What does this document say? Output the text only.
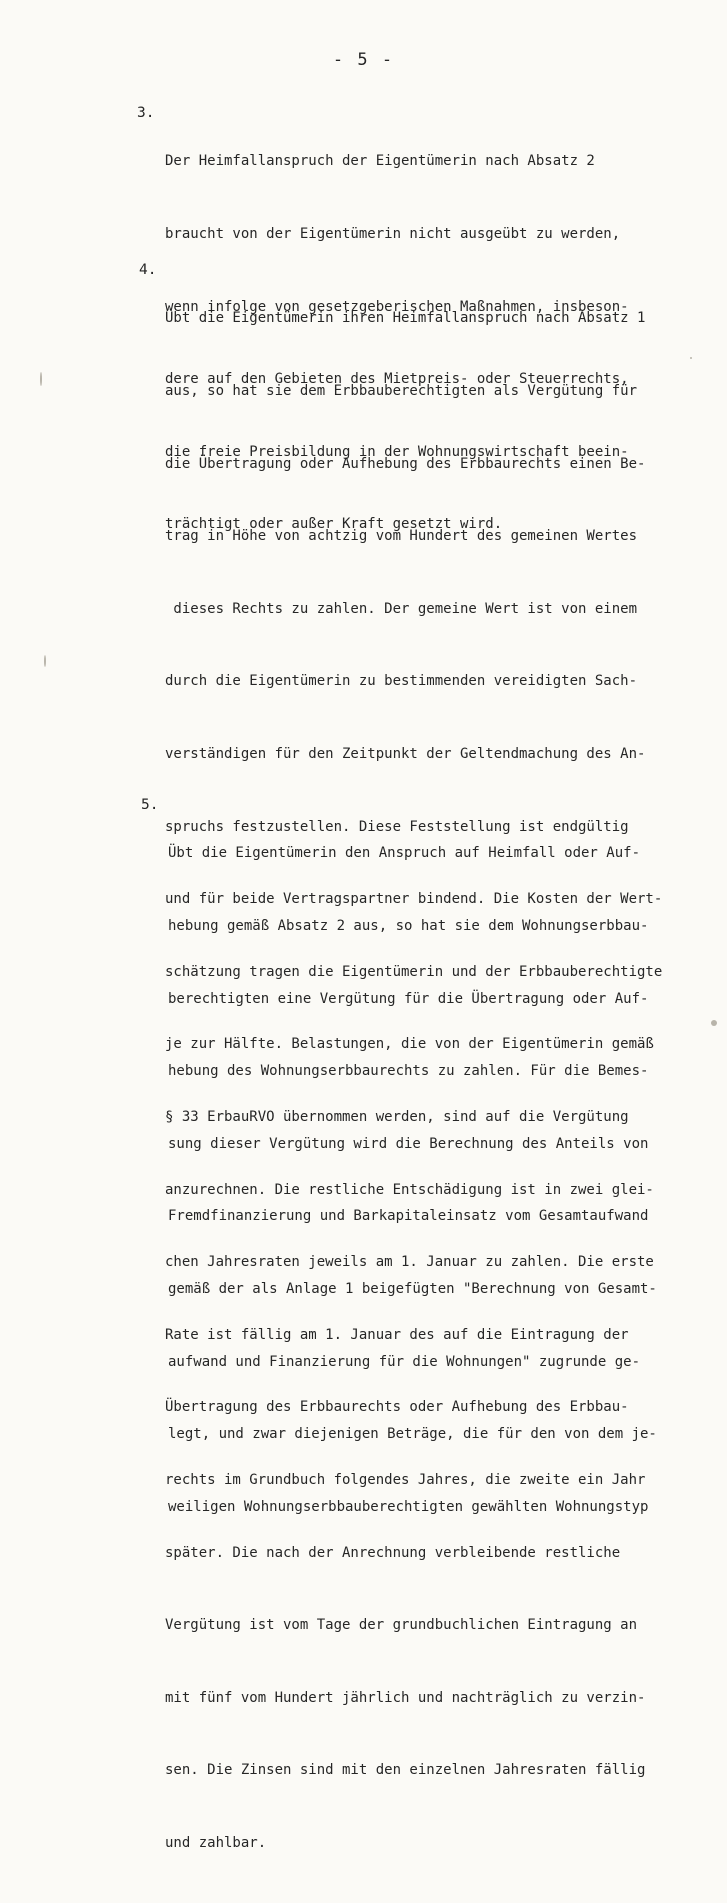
- 5 -
3.

Der Heimfallanspruch der Eigentümerin nach Absatz 2

braucht von der Eigentümerin nicht ausgeübt zu werden,

wenn infolge von gesetzgeberischen Maßnahmen, insbeson-

dere auf den Gebieten des Mietpreis- oder Steuerrechts,

die freie Preisbildung in der Wohnungswirtschaft beein-

trächtigt oder außer Kraft gesetzt wird.

4.

Übt die Eigentümerin ihren Heimfallanspruch nach Absatz 1

aus, so hat sie dem Erbbauberechtigten als Vergütung für

die Übertragung oder Aufhebung des Erbbaurechts einen Be-

trag in Höhe von achtzig vom Hundert des gemeinen Wertes

dieses Rechts zu zahlen. Der gemeine Wert ist von einem

durch die Eigentümerin zu bestimmenden vereidigten Sach-

verständigen für den Zeitpunkt der Geltendmachung des An-

spruchs festzustellen. Diese Feststellung ist endgültig

und für beide Vertragspartner bindend. Die Kosten der Wert-

schätzung tragen die Eigentümerin und der Erbbauberechtigte

je zur Hälfte. Belastungen, die von der Eigentümerin gemäß

§ 33 ErbauRVO übernommen werden, sind auf die Vergütung

anzurechnen. Die restliche Entschädigung ist in zwei glei-

chen Jahresraten jeweils am 1. Januar zu zahlen. Die erste

Rate ist fällig am 1. Januar des auf die Eintragung der

Übertragung des Erbbaurechts oder Aufhebung des Erbbau-

rechts im Grundbuch folgendes Jahres, die zweite ein Jahr

später. Die nach der Anrechnung verbleibende restliche

Vergütung ist vom Tage der grundbuchlichen Eintragung an

mit fünf vom Hundert jährlich und nachträglich zu verzin-

sen. Die Zinsen sind mit den einzelnen Jahresraten fällig

und zahlbar.

5.

Übt die Eigentümerin den Anspruch auf Heimfall oder Auf-

hebung gemäß Absatz 2 aus, so hat sie dem Wohnungserbbau-

berechtigten eine Vergütung für die Übertragung oder Auf-

hebung des Wohnungserbbaurechts zu zahlen. Für die Bemes-

sung dieser Vergütung wird die Berechnung des Anteils von

Fremdfinanzierung und Barkapitaleinsatz vom Gesamtaufwand

gemäß der als Anlage 1 beigefügten "Berechnung von Gesamt-

aufwand und Finanzierung für die Wohnungen" zugrunde ge-

legt, und zwar diejenigen Beträge, die für den von dem je-

weiligen Wohnungserbbauberechtigten gewählten Wohnungstyp
